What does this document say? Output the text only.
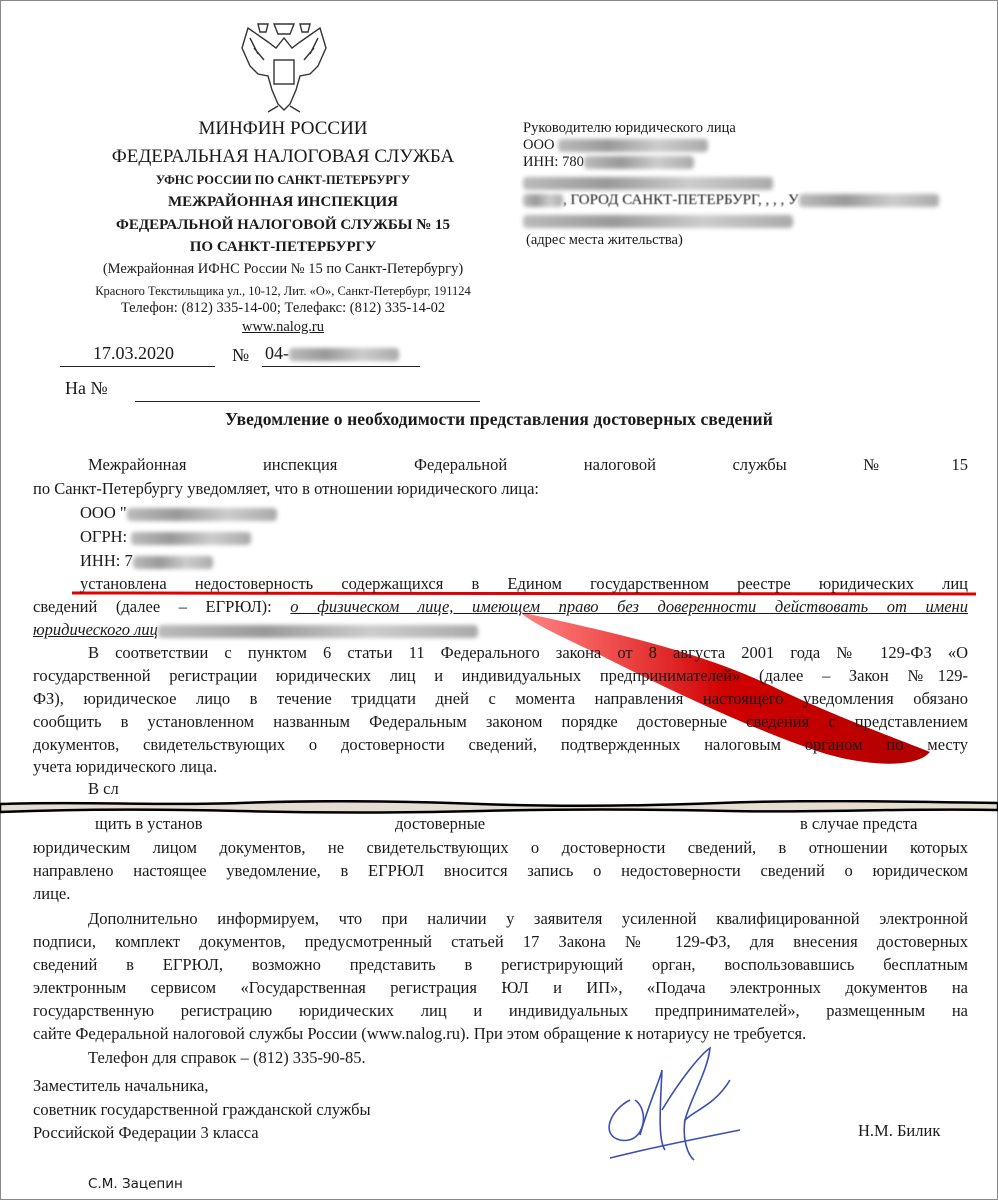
МИНФИН РОССИИ
ФЕДЕРАЛЬНАЯ НАЛОГОВАЯ СЛУЖБА
УФНС РОССИИ ПО САНКТ-ПЕТЕРБУРГУ
МЕЖРАЙОННАЯ ИНСПЕКЦИЯ
ФЕДЕРАЛЬНОЙ НАЛОГОВОЙ СЛУЖБЫ № 15
ПО САНКТ-ПЕТЕРБУРГУ
(Межрайонная ИФНС России № 15 по Санкт-Петербургу)
Красного Текстильщика ул., 10-12, Лит. «О», Санкт-Петербург, 191124
Телефон: (812) 335-14-00; Телефакс: (812) 335-14-02
www.nalog.ru
Руководителю юридического лица
ООО
ИНН: 780
, ГОРОД САНКТ-ПЕТЕРБУРГ, , , , У
(адрес места жительства)
17.03.2020	№ 04-
На №
Уведомление о необходимости представления достоверных сведений
Межрайонная инспекция Федеральной налоговой службы №15
по Санкт-Петербургу уведомляет, что в отношении юридического лица:
ООО "
ОГРН:
ИНН: 7
установлена недостоверность содержащихся в Едином государственном реестре юридических лиц
сведений (далее – ЕГРЮЛ): о физическом лице, имеющем право без доверенности действовать от имени
юридического лиц
В соответствии с пунктом 6 статьи 11 Федерального закона от 8 августа 2001 года № 129-ФЗ «О
государственной регистрации юридических лиц и индивидуальных предпринимателей» (далее – Закон №129-
ФЗ), юридическое лицо в течение тридцати дней с момента направления настоящего уведомления обязано
сообщить в установленном названным Федеральным законом порядке достоверные сведения с представлением
документов, свидетельствующих о достоверности сведений, подтвержденных налоговым органом по месту
учета юридического лица.
В сл
щить в установ	достоверные	в случае предста
юридическим лицом документов, не свидетельствующих о достоверности сведений, в отношении которых
направлено настоящее уведомление, в ЕГРЮЛ вносится запись о недостоверности сведений о юридическом
лице.
Дополнительно информируем, что при наличии у заявителя усиленной квалифицированной электронной
подписи, комплект документов, предусмотренный статьей 17 Закона № 129-ФЗ, для внесения достоверных
сведений в ЕГРЮЛ, возможно представить в регистрирующий орган, воспользовавшись бесплатным
электронным сервисом «Государственная регистрация ЮЛ и ИП», «Подача электронных документов на
государственную регистрацию юридических лиц и индивидуальных предпринимателей», размещенным на
сайте Федеральной налоговой службы России (www.nalog.ru). При этом обращение к нотариусу не требуется.
Телефон для справок – (812) 335-90-85.
Заместитель начальника,
советник государственной гражданской службы
Российской Федерации 3 класса	Н.М. Билик
С.М. Зацепин
